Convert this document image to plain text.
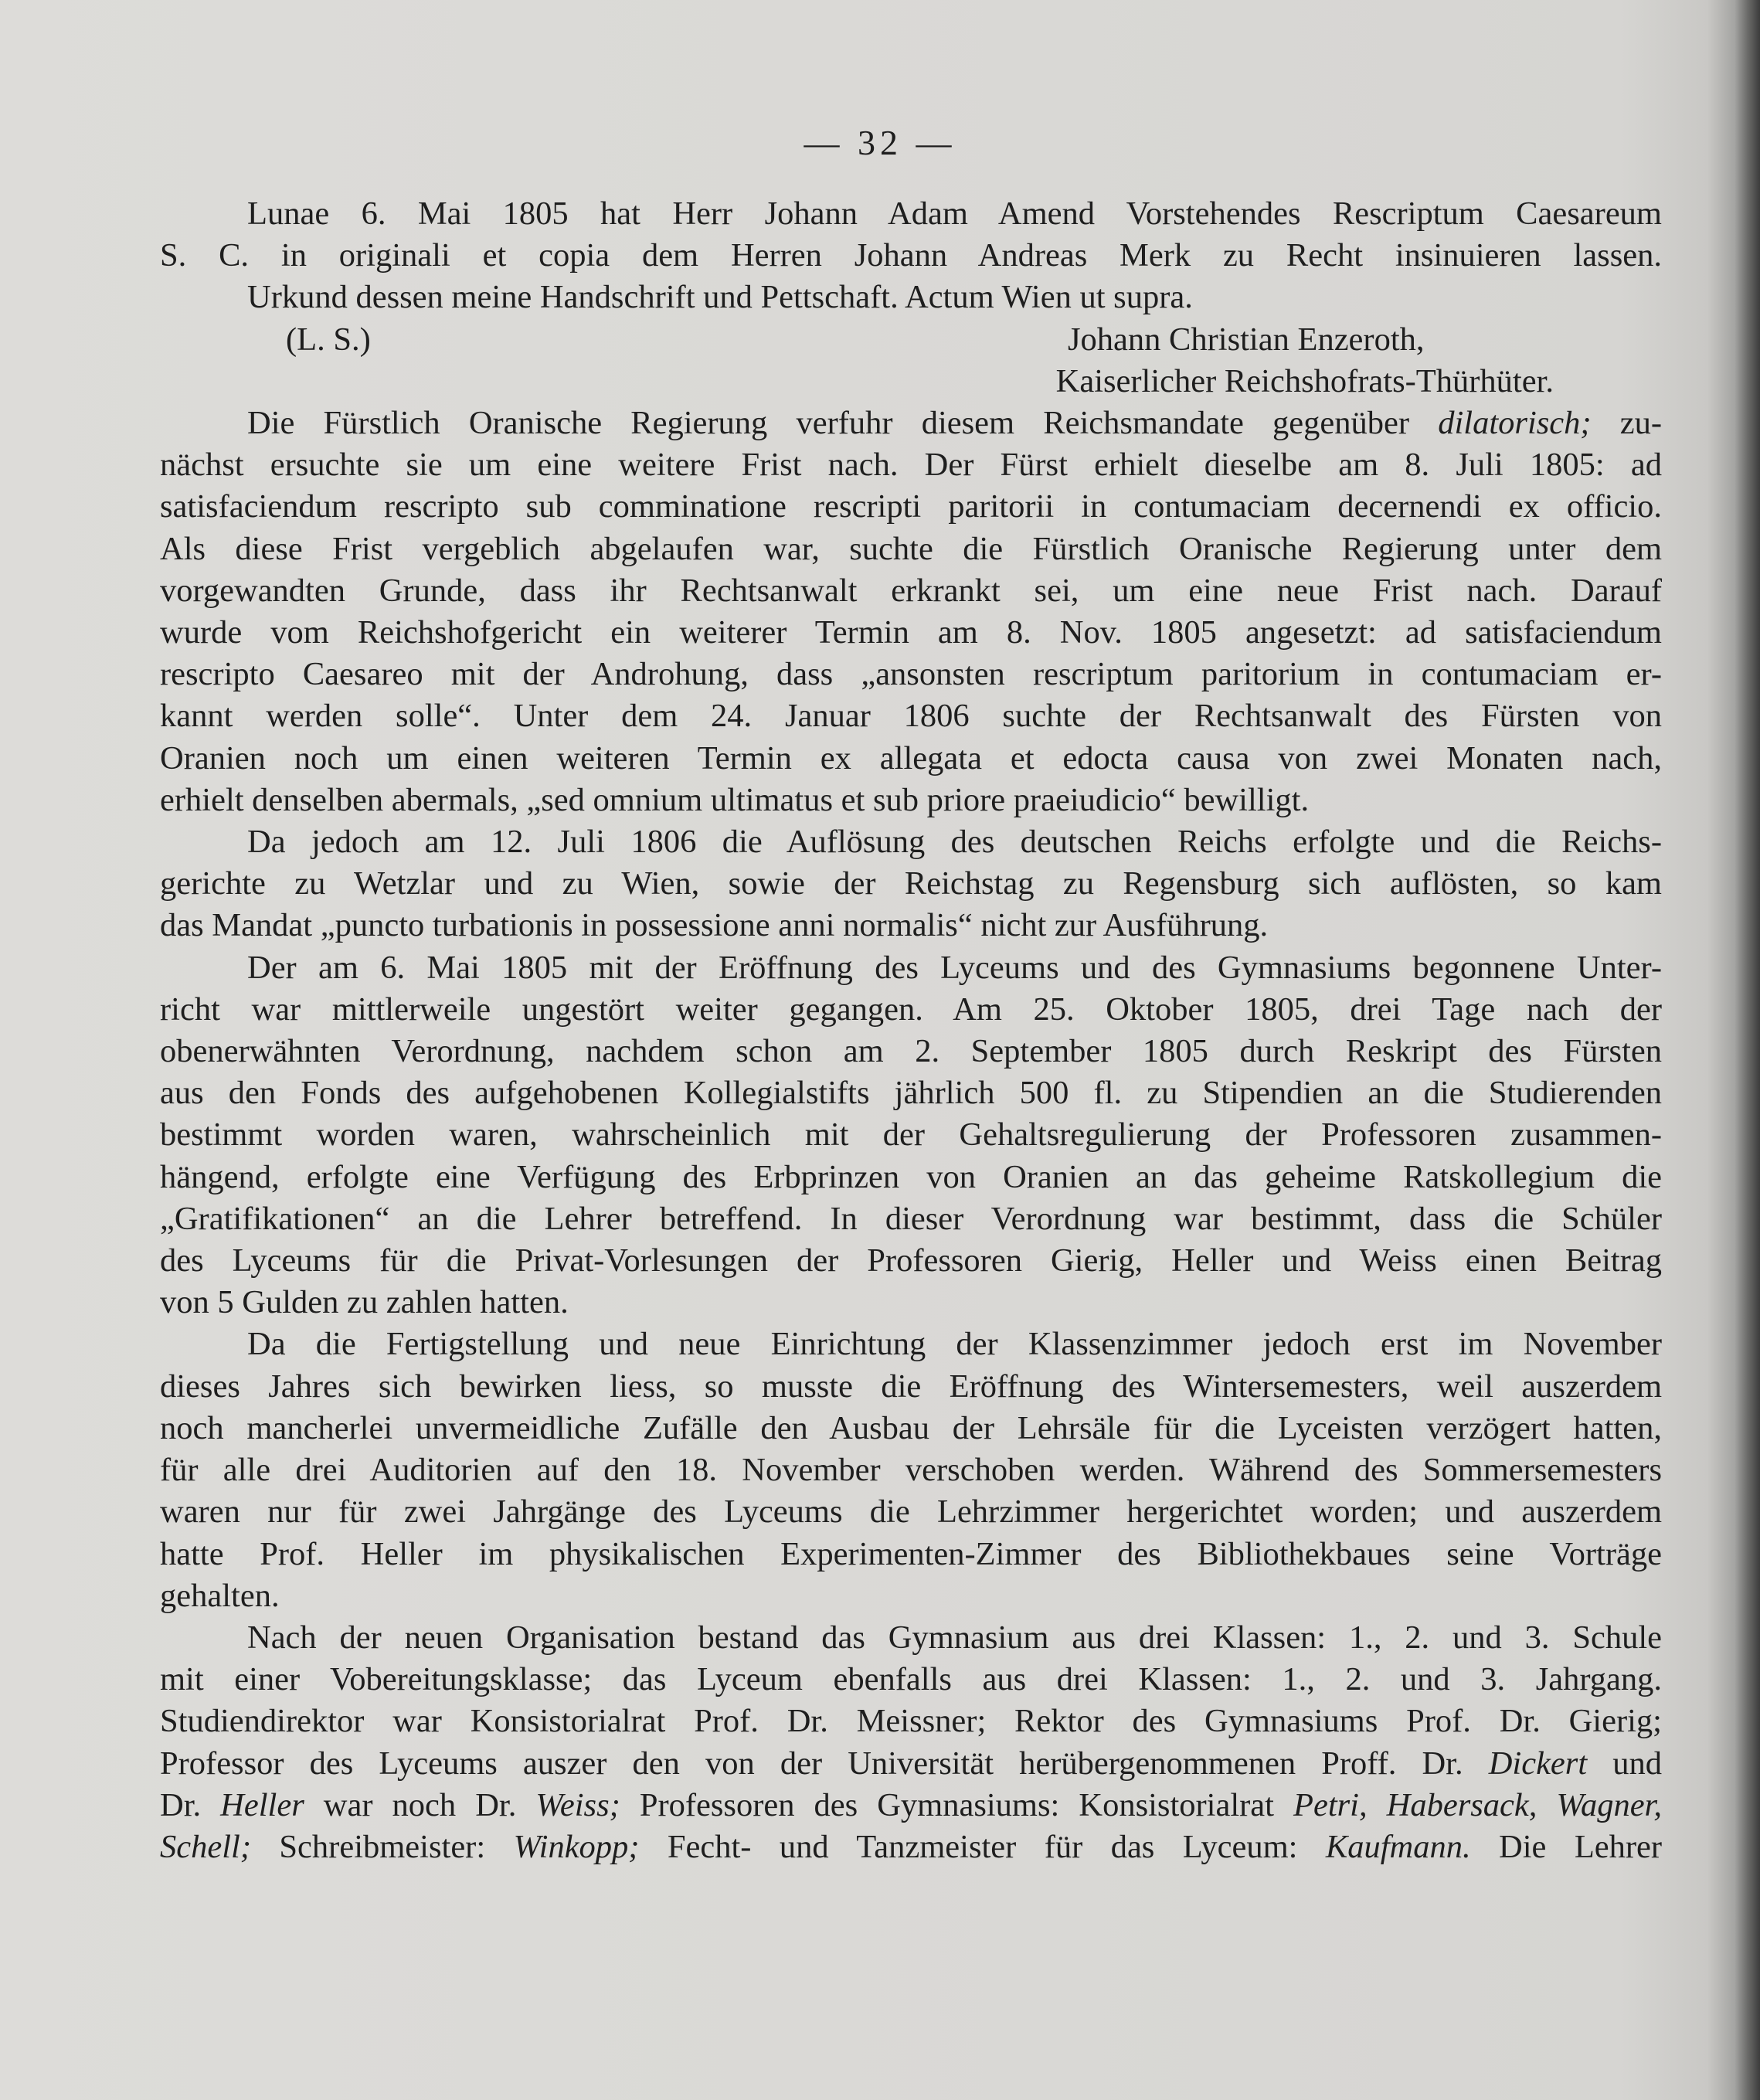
— 32 —
Lunae 6. Mai 1805 hat Herr Johann Adam Amend Vorstehendes Rescriptum Caesareum
S. C. in originali et copia dem Herren Johann Andreas Merk zu Recht insinuieren lassen.
Urkund dessen meine Handschrift und Pettschaft. Actum Wien ut supra.
(L. S.)	Johann Christian Enzeroth,
Kaiserlicher Reichshofrats-Thürhüter.
Die Fürstlich Oranische Regierung verfuhr diesem Reichsmandate gegenüber dilatorisch; zu-
nächst ersuchte sie um eine weitere Frist nach. Der Fürst erhielt dieselbe am 8. Juli 1805: ad
satisfaciendum rescripto sub comminatione rescripti paritorii in contumaciam decernendi ex officio.
Als diese Frist vergeblich abgelaufen war, suchte die Fürstlich Oranische Regierung unter dem
vorgewandten Grunde, dass ihr Rechtsanwalt erkrankt sei, um eine neue Frist nach. Darauf
wurde vom Reichshofgericht ein weiterer Termin am 8. Nov. 1805 angesetzt: ad satisfaciendum
rescripto Caesareo mit der Androhung, dass „ansonsten rescriptum paritorium in contumaciam er-
kannt werden solle“. Unter dem 24. Januar 1806 suchte der Rechtsanwalt des Fürsten von
Oranien noch um einen weiteren Termin ex allegata et edocta causa von zwei Monaten nach,
erhielt denselben abermals, „sed omnium ultimatus et sub priore praeiudicio“ bewilligt.
Da jedoch am 12. Juli 1806 die Auflösung des deutschen Reichs erfolgte und die Reichs-
gerichte zu Wetzlar und zu Wien, sowie der Reichstag zu Regensburg sich auflösten, so kam
das Mandat „puncto turbationis in possessione anni normalis“ nicht zur Ausführung.
Der am 6. Mai 1805 mit der Eröffnung des Lyceums und des Gymnasiums begonnene Unter-
richt war mittlerweile ungestört weiter gegangen. Am 25. Oktober 1805, drei Tage nach der
obenerwähnten Verordnung, nachdem schon am 2. September 1805 durch Reskript des Fürsten
aus den Fonds des aufgehobenen Kollegialstifts jährlich 500 fl. zu Stipendien an die Studierenden
bestimmt worden waren, wahrscheinlich mit der Gehaltsregulierung der Professoren zusammen-
hängend, erfolgte eine Verfügung des Erbprinzen von Oranien an das geheime Ratskollegium die
„Gratifikationen“ an die Lehrer betreffend. In dieser Verordnung war bestimmt, dass die Schüler
des Lyceums für die Privat-Vorlesungen der Professoren Gierig, Heller und Weiss einen Beitrag
von 5 Gulden zu zahlen hatten.
Da die Fertigstellung und neue Einrichtung der Klassenzimmer jedoch erst im November
dieses Jahres sich bewirken liess, so musste die Eröffnung des Wintersemesters, weil auszerdem
noch mancherlei unvermeidliche Zufälle den Ausbau der Lehrsäle für die Lyceisten verzögert hatten,
für alle drei Auditorien auf den 18. November verschoben werden. Während des Sommersemesters
waren nur für zwei Jahrgänge des Lyceums die Lehrzimmer hergerichtet worden; und auszerdem
hatte Prof. Heller im physikalischen Experimenten-Zimmer des Bibliothekbaues seine Vorträge
gehalten.
Nach der neuen Organisation bestand das Gymnasium aus drei Klassen: 1., 2. und 3. Schule
mit einer Vobereitungsklasse; das Lyceum ebenfalls aus drei Klassen: 1., 2. und 3. Jahrgang.
Studiendirektor war Konsistorialrat Prof. Dr. Meissner; Rektor des Gymnasiums Prof. Dr. Gierig;
Professor des Lyceums auszer den von der Universität herübergenommenen Proff. Dr. Dickert und
Dr. Heller war noch Dr. Weiss; Professoren des Gymnasiums: Konsistorialrat Petri, Habersack, Wagner,
Schell; Schreibmeister: Winkopp; Fecht- und Tanzmeister für das Lyceum: Kaufmann. Die Lehrer
